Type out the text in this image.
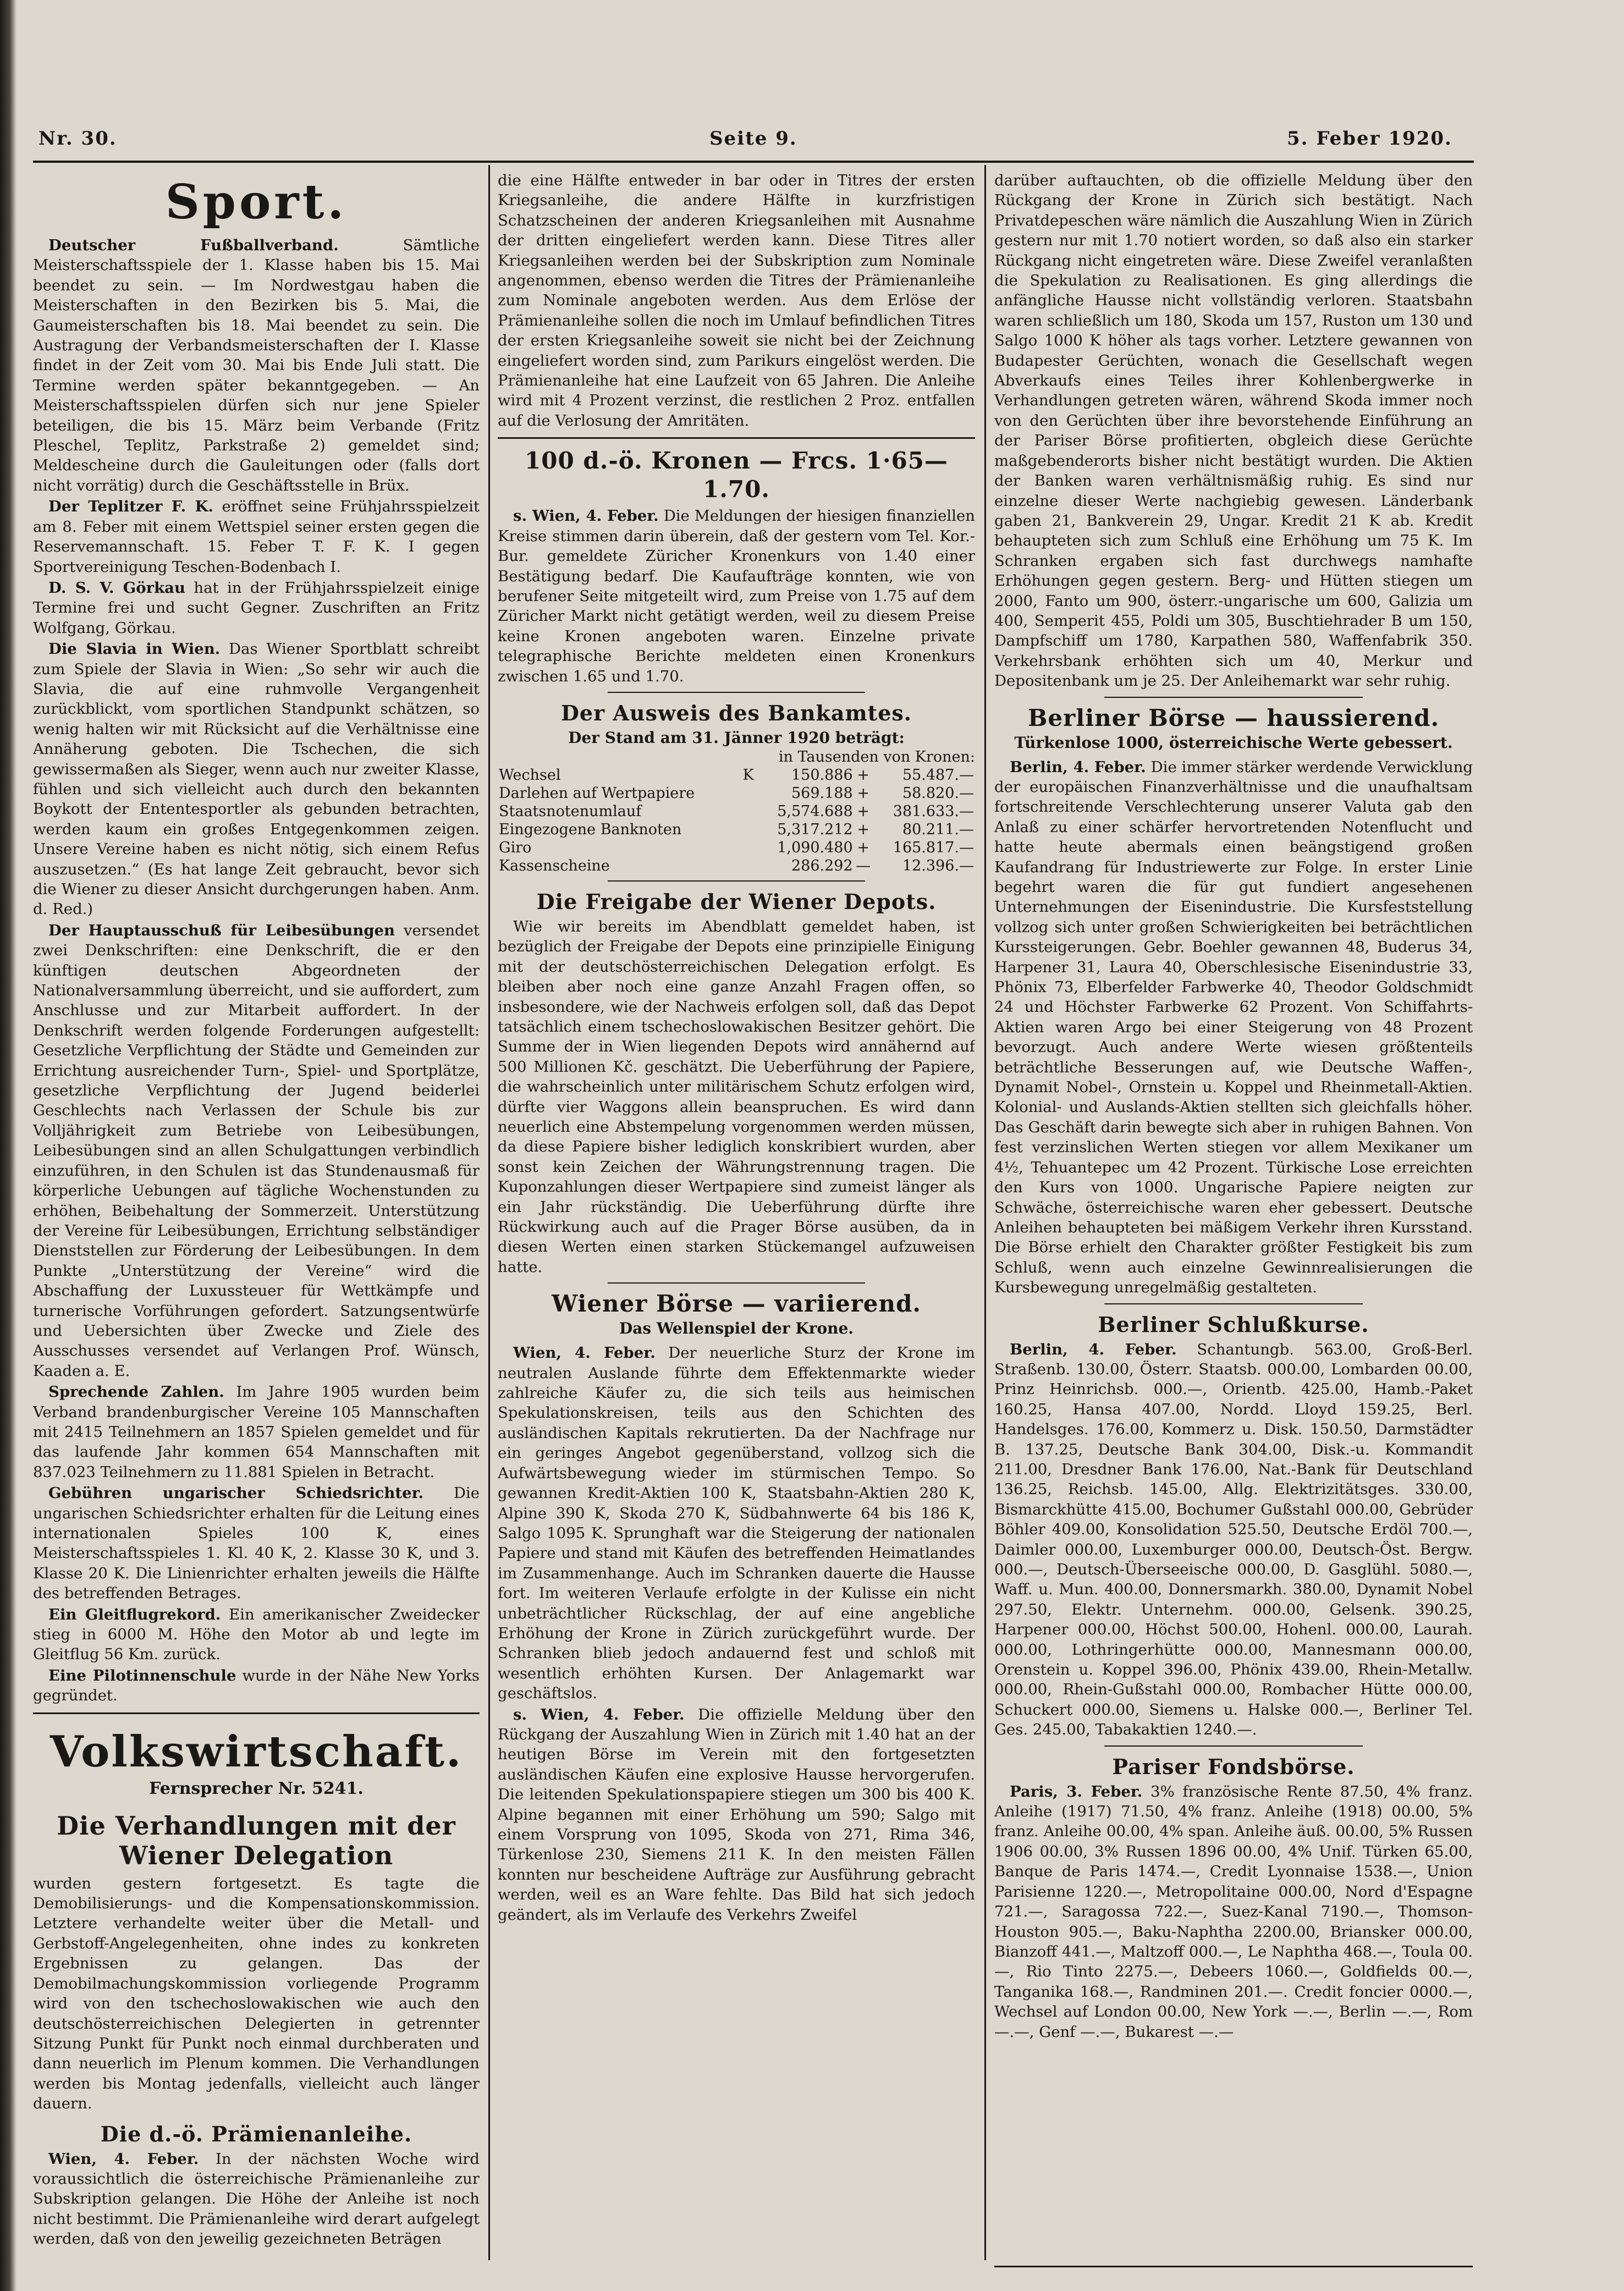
Nr. 30.	Seite 9.	5. Feber 1920.
Sport.

Deutscher Fußballverband.	Sämtliche Meisterschaftsspiele der 1. Klasse haben bis 15. Mai beendet zu sein. — Im Nordwestgau haben die Meisterschaften in den Bezirken bis 5. Mai, die Gaumeisterschaften bis 18. Mai beendet zu sein. Die Austragung der Verbandsmeisterschaften der I. Klasse findet in der Zeit vom 30. Mai bis Ende Juli statt. Die Termine werden später bekanntgegeben. — An Meisterschaftsspielen dürfen sich nur jene Spieler beteiligen, die bis 15. März beim Verbande (Fritz Pleschel, Teplitz, Parkstraße 2) gemeldet sind; Meldescheine durch die Gauleitungen oder (falls dort nicht vorrätig) durch die Geschäftsstelle in Brüx.

Der Teplitzer F. K. eröffnet seine Frühjahrsspielzeit am 8. Feber mit einem Wettspiel seiner ersten gegen die Reservemannschaft. 15. Feber T. F. K. I gegen Sportvereinigung Teschen-Bodenbach I.

D. S. V. Görkau hat in der Frühjahrsspielzeit einige Termine frei und sucht Gegner. Zuschriften an Fritz Wolfgang, Görkau.

Die Slavia in Wien. Das Wiener Sportblatt schreibt zum Spiele der Slavia in Wien: „So sehr wir auch die Slavia, die auf eine ruhmvolle Vergangenheit zurückblickt, vom sportlichen Standpunkt schätzen, so wenig halten wir mit Rücksicht auf die Verhältnisse eine Annäherung geboten. Die Tschechen, die sich gewissermaßen als Sieger, wenn auch nur zweiter Klasse, fühlen und sich vielleicht auch durch den bekannten Boykott der Ententesportler als gebunden betrachten, werden kaum ein großes Entgegenkommen zeigen. Unsere Vereine haben es nicht nötig, sich einem Refus auszusetzen.“ (Es hat lange Zeit gebraucht, bevor sich die Wiener zu dieser Ansicht durchgerungen haben. Anm. d. Red.)

Der Hauptausschuß für Leibesübungen versendet zwei Denkschriften: eine Denkschrift, die er den künftigen deutschen Abgeordneten der Nationalversammlung überreicht, und sie auffordert, zum Anschlusse und zur Mitarbeit auffordert. In der Denkschrift werden folgende Forderungen aufgestellt: Gesetzliche Verpflichtung der Städte und Gemeinden zur Errichtung ausreichender Turn-, Spiel- und Sportplätze, gesetzliche Verpflichtung der Jugend beiderlei Geschlechts nach Verlassen der Schule bis zur Volljährigkeit zum Betriebe von Leibesübungen, Leibesübungen sind an allen Schulgattungen verbindlich einzuführen, in den Schulen ist das Stundenausmaß für körperliche Uebungen auf tägliche Wochenstunden zu erhöhen, Beibehaltung der Sommerzeit. Unterstützung der Vereine für Leibesübungen, Errichtung selbständiger Dienststellen zur Förderung der Leibesübungen. In dem Punkte „Unterstützung der Vereine“ wird die Abschaffung der Luxussteuer für Wettkämpfe und turnerische Vorführungen gefordert. Satzungsentwürfe und Uebersichten über Zwecke und Ziele des Ausschusses versendet auf Verlangen Prof. Wünsch, Kaaden a. E.

Sprechende Zahlen. Im Jahre 1905 wurden beim Verband brandenburgischer Vereine 105 Mannschaften mit 2415 Teilnehmern an 1857 Spielen gemeldet und für das laufende Jahr kommen 654 Mannschaften mit 837.023 Teilnehmern zu 11.881 Spielen in Betracht.

Gebühren ungarischer Schiedsrichter. Die ungarischen Schiedsrichter erhalten für die Leitung eines internationalen Spieles 100 K, eines Meisterschaftsspieles 1. Kl. 40 K, 2. Klasse 30 K, und 3. Klasse 20 K. Die Linienrichter erhalten jeweils die Hälfte des betreffenden Betrages.

Ein Gleitflugrekord. Ein amerikanischer Zweidecker stieg in 6000 M. Höhe den Motor ab und legte im Gleitflug 56 Km. zurück.

Eine Pilotinnenschule wurde in der Nähe New Yorks gegründet.

Volkswirtschaft.
Fernsprecher Nr. 5241.
Die Verhandlungen mit der Wiener Delegation

wurden gestern fortgesetzt. Es tagte die Demobilisierungs- und die Kompensationskommission. Letztere verhandelte weiter über die Metall- und Gerbstoff-Angelegenheiten, ohne indes zu konkreten Ergebnissen zu gelangen. Das der Demobilmachungskommission vorliegende Programm wird von den tschechoslowakischen wie auch den deutschösterreichischen Delegierten in getrennter Sitzung Punkt für Punkt noch einmal durchberaten und dann neuerlich im Plenum kommen. Die Verhandlungen werden bis Montag jedenfalls, vielleicht auch länger dauern.

Die d.-ö. Prämienanleihe.

Wien, 4. Feber. In der nächsten Woche wird voraussichtlich die österreichische Prämienanleihe zur Subskription gelangen. Die Höhe der Anleihe ist noch nicht bestimmt. Die Prämienanleihe wird derart aufgelegt werden, daß von den jeweilig gezeichneten Beträgen

die eine Hälfte entweder in bar oder in Titres der ersten Kriegsanleihe, die andere Hälfte in kurzfristigen Schatzscheinen der anderen Kriegsanleihen mit Ausnahme der dritten eingeliefert werden kann. Diese Titres aller Kriegsanleihen werden bei der Subskription zum Nominale angenommen, ebenso werden die Titres der Prämienanleihe zum Nominale angeboten werden. Aus dem Erlöse der Prämienanleihe sollen die noch im Umlauf befindlichen Titres der ersten Kriegsanleihe soweit sie nicht bei der Zeichnung eingeliefert worden sind, zum Parikurs eingelöst werden. Die Prämienanleihe hat eine Laufzeit von 65 Jahren. Die Anleihe wird mit 4 Prozent verzinst, die restlichen 2 Proz. entfallen auf die Verlosung der Amritäten.

100 d.-ö. Kronen — Frcs. 1·65—1.70.

s. Wien, 4. Feber. Die Meldungen der hiesigen finanziellen Kreise stimmen darin überein, daß der gestern vom Tel. Kor.-Bur. gemeldete Züricher Kronenkurs von 1.40 einer Bestätigung bedarf. Die Kaufaufträge konnten, wie von berufener Seite mitgeteilt wird, zum Preise von 1.75 auf dem Züricher Markt nicht getätigt werden, weil zu diesem Preise keine Kronen angeboten waren. Einzelne private telegraphische Berichte meldeten einen Kronenkurs zwischen 1.65 und 1.70.

Der Ausweis des Bankamtes.
Der Stand am 31. Jänner 1920 beträgt:
in Tausenden von Kronen:
Wechsel	K	150.886	+	55.487.—
Darlehen auf Wertpapiere		569.188	+	58.820.—
Staatsnotenumlauf		5,574.688	+	381.633.—
Eingezogene Banknoten		5,317.212	+	80.211.—
Giro		1,090.480	+	165.817.—
Kassenscheine		286.292	—	12.396.—
Die Freigabe der Wiener Depots.

Wie wir bereits im Abendblatt gemeldet haben, ist bezüglich der Freigabe der Depots eine prinzipielle Einigung mit der deutschösterreichischen Delegation erfolgt. Es bleiben aber noch eine ganze Anzahl Fragen offen, so insbesondere, wie der Nachweis erfolgen soll, daß das Depot tatsächlich einem tschechoslowakischen Besitzer gehört. Die Summe der in Wien liegenden Depots wird annähernd auf 500 Millionen Kč. geschätzt. Die Ueberführung der Papiere, die wahrscheinlich unter militärischem Schutz erfolgen wird, dürfte vier Waggons allein beanspruchen. Es wird dann neuerlich eine Abstempelung vorgenommen werden müssen, da diese Papiere bisher lediglich konskribiert wurden, aber sonst kein Zeichen der Währungstrennung tragen. Die Kuponzahlungen dieser Wertpapiere sind zumeist länger als ein Jahr rückständig. Die Ueberführung dürfte ihre Rückwirkung auch auf die Prager Börse ausüben, da in diesen Werten einen starken Stückemangel aufzuweisen hatte.

Wiener Börse — variierend.
Das Wellenspiel der Krone.

Wien, 4. Feber. Der neuerliche Sturz der Krone im neutralen Auslande führte dem Effektenmarkte wieder zahlreiche Käufer zu, die sich teils aus heimischen Spekulationskreisen, teils aus den Schichten des ausländischen Kapitals rekrutierten. Da der Nachfrage nur ein geringes Angebot gegenüberstand, vollzog sich die Aufwärtsbewegung wieder im stürmischen Tempo. So gewannen Kredit-Aktien 100 K, Staatsbahn-Aktien 280 K, Alpine 390 K, Skoda 270 K, Südbahnwerte 64 bis 186 K, Salgo 1095 K. Sprunghaft war die Steigerung der nationalen Papiere und stand mit Käufen des betreffenden Heimatlandes im Zusammenhange. Auch im Schranken dauerte die Hausse fort. Im weiteren Verlaufe erfolgte in der Kulisse ein nicht unbeträchtlicher Rückschlag, der auf eine angebliche Erhöhung der Krone in Zürich zurückgeführt wurde. Der Schranken blieb jedoch andauernd fest und schloß mit wesentlich erhöhten Kursen. Der Anlagemarkt war geschäftslos.

s. Wien, 4. Feber. Die offizielle Meldung über den Rückgang der Auszahlung Wien in Zürich mit 1.40 hat an der heutigen Börse im Verein mit den fortgesetzten ausländischen Käufen eine explosive Hausse hervorgerufen. Die leitenden Spekulationspapiere stiegen um 300 bis 400 K. Alpine begannen mit einer Erhöhung um 590; Salgo mit einem Vorsprung von 1095, Skoda von 271, Rima 346, Türkenlose 230, Siemens 211 K. In den meisten Fällen konnten nur bescheidene Aufträge zur Ausführung gebracht werden, weil es an Ware fehlte. Das Bild hat sich jedoch geändert, als im Verlaufe des Verkehrs Zweifel

darüber auftauchten, ob die offizielle Meldung über den Rückgang der Krone in Zürich sich bestätigt. Nach Privatdepeschen wäre nämlich die Auszahlung Wien in Zürich gestern nur mit 1.70 notiert worden, so daß also ein starker Rückgang nicht eingetreten wäre. Diese Zweifel veranlaßten die Spekulation zu Realisationen. Es ging allerdings die anfängliche Hausse nicht vollständig verloren. Staatsbahn waren schließlich um 180, Skoda um 157, Ruston um 130 und Salgo 1000 K höher als tags vorher. Letztere gewannen von Budapester Gerüchten, wonach die Gesellschaft wegen Abverkaufs eines Teiles ihrer Kohlenbergwerke in Verhandlungen getreten wären, während Skoda immer noch von den Gerüchten über ihre bevorstehende Einführung an der Pariser Börse profitierten, obgleich diese Gerüchte maßgebenderorts bisher nicht bestätigt wurden. Die Aktien der Banken waren verhältnismäßig ruhig. Es sind nur einzelne dieser Werte nachgiebig gewesen. Länderbank gaben 21, Bankverein 29, Ungar. Kredit 21 K ab. Kredit behaupteten sich zum Schluß eine Erhöhung um 75 K. Im Schranken ergaben sich fast durchwegs namhafte Erhöhungen gegen gestern. Berg- und Hütten stiegen um 2000, Fanto um 900, österr.-ungarische um 600, Galizia um 400, Semperit 455, Poldi um 305, Buschtiehrader B um 150, Dampfschiff um 1780, Karpathen 580, Waffenfabrik 350. Verkehrsbank erhöhten sich um 40, Merkur und Depositenbank um je 25. Der Anleihemarkt war sehr ruhig.

Berliner Börse — haussierend.
Türkenlose 1000, österreichische Werte gebessert.

Berlin, 4. Feber. Die immer stärker werdende Verwicklung der europäischen Finanzverhältnisse und die unaufhaltsam fortschreitende Verschlechterung unserer Valuta gab den Anlaß zu einer schärfer hervortretenden Notenflucht und hatte heute abermals einen beängstigend großen Kaufandrang für Industriewerte zur Folge. In erster Linie begehrt waren die für gut fundiert angesehenen Unternehmungen der Eisenindustrie. Die Kursfeststellung vollzog sich unter großen Schwierigkeiten bei beträchtlichen Kurssteigerungen. Gebr. Boehler gewannen 48, Buderus 34, Harpener 31, Laura 40, Oberschlesische Eisenindustrie 33, Phönix 73, Elberfelder Farbwerke 40, Theodor Goldschmidt 24 und Höchster Farbwerke 62 Prozent. Von Schiffahrts-Aktien waren Argo bei einer Steigerung von 48 Prozent bevorzugt. Auch andere Werte wiesen größtenteils beträchtliche Besserungen auf, wie Deutsche Waffen-, Dynamit Nobel-, Ornstein u. Koppel und Rheinmetall-Aktien. Kolonial- und Auslands-Aktien stellten sich gleichfalls höher. Das Geschäft darin bewegte sich aber in ruhigen Bahnen. Von fest verzinslichen Werten stiegen vor allem Mexikaner um 4½, Tehuantepec um 42 Prozent. Türkische Lose erreichten den Kurs von 1000. Ungarische Papiere neigten zur Schwäche, österreichische waren eher gebessert. Deutsche Anleihen behaupteten bei mäßigem Verkehr ihren Kursstand. Die Börse erhielt den Charakter größter Festigkeit bis zum Schluß, wenn auch einzelne Gewinnrealisierungen die Kursbewegung unregelmäßig gestalteten.

Berliner Schlußkurse.

Berlin, 4. Feber. Schantungb. 563.00, Groß-Berl. Straßenb. 130.00, Österr. Staatsb. 000.00, Lombarden 00.00, Prinz Heinrichsb. 000.—, Orientb. 425.00, Hamb.-Paket 160.25, Hansa 407.00, Nordd. Lloyd 159.25, Berl. Handelsges. 176.00, Kommerz u. Disk. 150.50, Darmstädter B. 137.25, Deutsche Bank 304.00, Disk.-u. Kommandit 211.00, Dresdner Bank 176.00, Nat.-Bank für Deutschland 136.25, Reichsb. 145.00, Allg. Elektrizitätsges. 330.00, Bismarckhütte 415.00, Bochumer Gußstahl 000.00, Gebrüder Böhler 409.00, Konsolidation 525.50, Deutsche Erdöl 700.—, Daimler 000.00, Luxemburger 000.00, Deutsch-Öst. Bergw. 000.—, Deutsch-Überseeische 000.00, D. Gasglühl. 5080.—, Waff. u. Mun. 400.00, Donnersmarkh. 380.00, Dynamit Nobel 297.50, Elektr. Unternehm. 000.00, Gelsenk. 390.25, Harpener 000.00, Höchst 500.00, Hohenl. 000.00, Laurah. 000.00, Lothringerhütte 000.00, Mannesmann 000.00, Orenstein u. Koppel 396.00, Phönix 439.00, Rhein-Metallw. 000.00, Rhein-Gußstahl 000.00, Rombacher Hütte 000.00, Schuckert 000.00, Siemens u. Halske 000.—, Berliner Tel. Ges. 245.00, Tabakaktien 1240.—.

Pariser Fondsbörse.

Paris, 3. Feber. 3% französische Rente 87.50, 4% franz. Anleihe (1917) 71.50, 4% franz. Anleihe (1918) 00.00, 5% franz. Anleihe 00.00, 4% span. Anleihe äuß. 00.00, 5% Russen 1906 00.00, 3% Russen 1896 00.00, 4% Unif. Türken 65.00, Banque de Paris 1474.—, Credit Lyonnaise 1538.—, Union Parisienne 1220.—, Metropolitaine 000.00, Nord d'Espagne 721.—, Saragossa 722.—, Suez-Kanal 7190.—, Thomson-Houston 905.—, Baku-Naphtha 2200.00, Briansker 000.00, Bianzoff 441.—, Maltzoff 000.—, Le Naphtha 468.—, Toula 00.—, Rio Tinto 2275.—, Debeers 1060.—, Goldfields 00.—, Tanganika 168.—, Randminen 201.—. Credit foncier 0000.—, Wechsel auf London 00.00, New York —.—, Berlin —.—, Rom —.—, Genf —.—, Bukarest —.—
